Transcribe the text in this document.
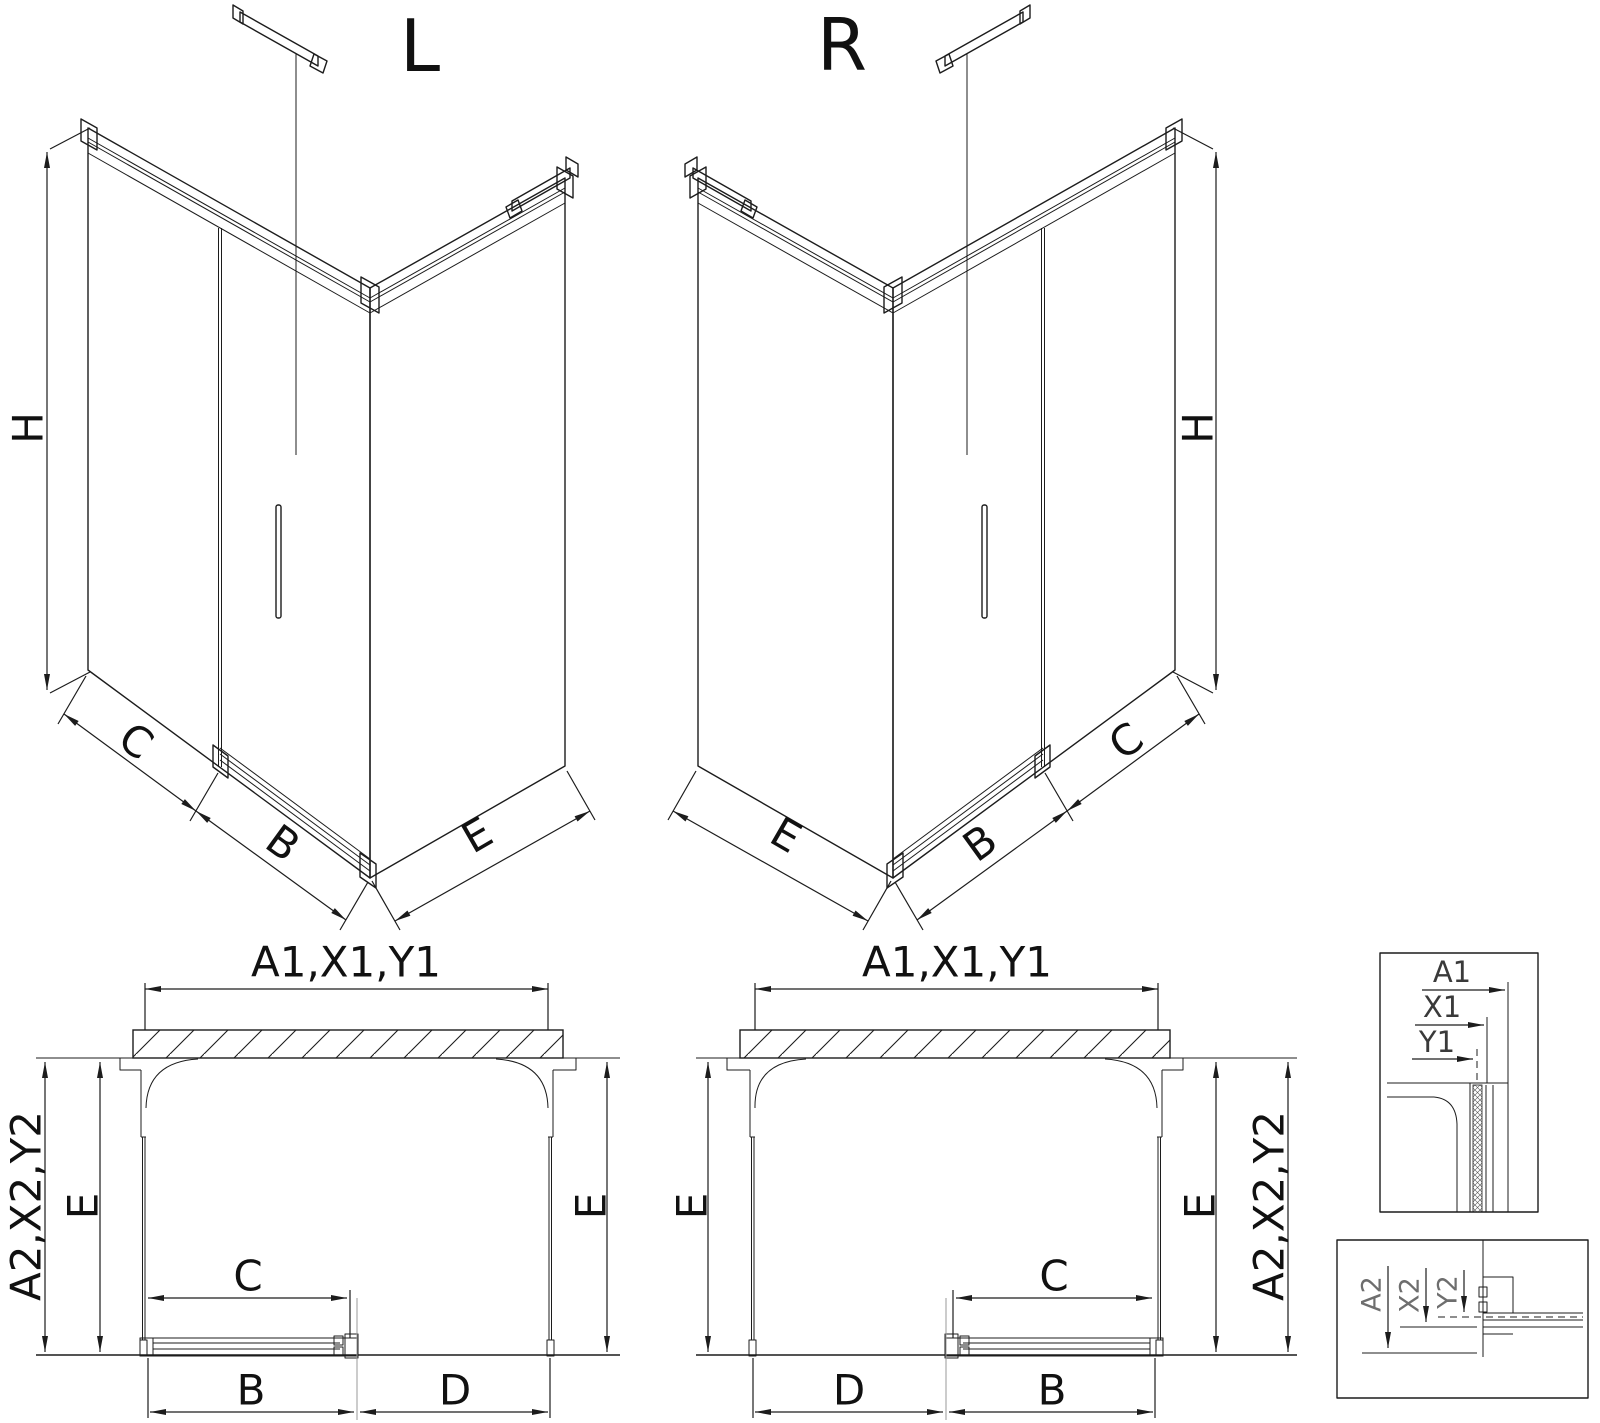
L
H
C
B	E
R
H
E	B
C
A1,X1,Y1
E	E
A2,X2,Y2	C
B	D
A1,X1,Y1
E	E A2,X2,Y2
C
B
D
A1
X1
Y1
A2 X2 Y2
